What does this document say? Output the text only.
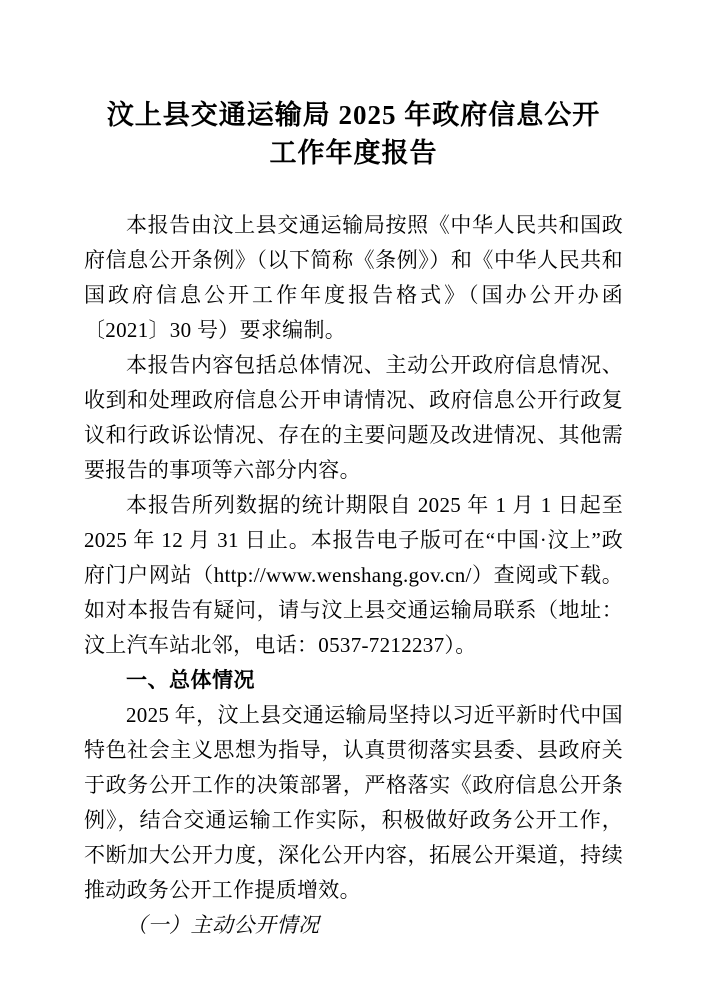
汶上县交通运输局 2025 年政府信息公开
工作年度报告

本报告由汶上县交通运输局按照《中华人民共和国政府信息公开条例》（以下简称《条例》）和《中华人民共和国政府信息公开工作年度报告格式》（国办公开办函〔2021〕30 号）要求编制。

本报告内容包括总体情况、主动公开政府信息情况、收到和处理政府信息公开申请情况、政府信息公开行政复议和行政诉讼情况、存在的主要问题及改进情况、其他需要报告的事项等六部分内容。

本报告所列数据的统计期限自 2025 年 1 月 1 日起至 2025 年 12 月 31 日止。本报告电子版可在“中国·汶上”政府门户网站（http://www.wenshang.gov.cn/）查阅或下载。如对本报告有疑问，请与汶上县交通运输局联系（地址：汶上汽车站北邻，电话：0537-7212237）。

一、总体情况

2025 年，汶上县交通运输局坚持以习近平新时代中国特色社会主义思想为指导，认真贯彻落实县委、县政府关于政务公开工作的决策部署，严格落实《政府信息公开条例》，结合交通运输工作实际，积极做好政务公开工作，不断加大公开力度，深化公开内容，拓展公开渠道，持续推动政务公开工作提质增效。

（一）主动公开情况
